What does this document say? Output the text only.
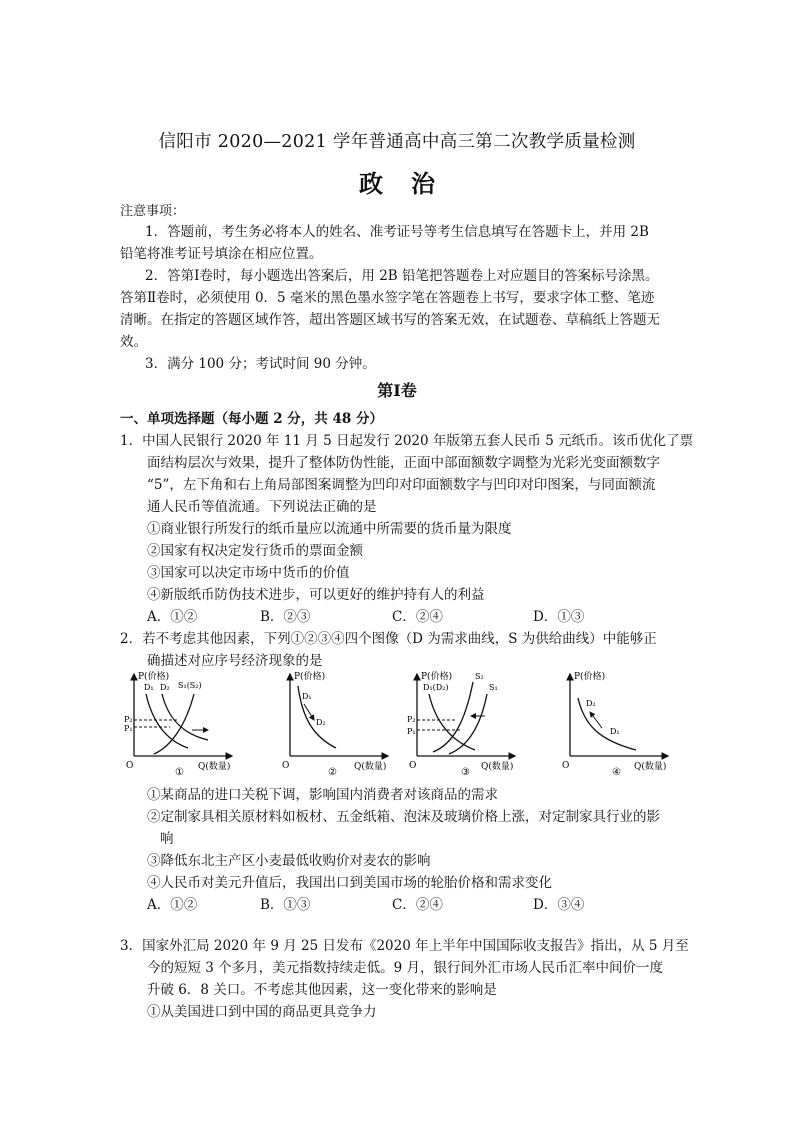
信阳市 2020—2021 学年普通高中高三第二次教学质量检测
政治
注意事项：
1．答题前，考生务必将本人的姓名、准考证号等考生信息填写在答题卡上，并用 2B
铅笔将准考证号填涂在相应位置。
2．答第Ⅰ卷时，每小题选出答案后，用 2B 铅笔把答题卷上对应题目的答案标号涂黑。
答第Ⅱ卷时，必须使用 0．5 毫米的黑色墨水签字笔在答题卷上书写，要求字体工整、笔迹
清晰。在指定的答题区域作答，超出答题区域书写的答案无效，在试题卷、草稿纸上答题无
效。
3．满分 100 分；考试时间 90 分钟。
第Ⅰ卷
一、单项选择题（每小题 2 分，共 48 分）
1．中国人民银行 2020 年 11 月 5 日起发行 2020 年版第五套人民币 5 元纸币。该币优化了票
面结构层次与效果，提升了整体防伪性能，正面中部面额数字调整为光彩光变面额数字
“5”，左下角和右上角局部图案调整为凹印对印面额数字与凹印对印图案，与同面额流
通人民币等值流通。下列说法正确的是
①商业银行所发行的纸币量应以流通中所需要的货币量为限度
②国家有权决定发行货币的票面金额
③国家可以决定市场中货币的价值
④新版纸币防伪技术进步，可以更好的维护持有人的利益
A．①②	B．②③	C．②④	D．①③
2．若不考虑其他因素，下列①②③④四个图像（D 为需求曲线，S 为供给曲线）中能够正
确描述对应序号经济现象的是
P(价格)
Q(数量)
O
D₁ D₂ S₁(S₂)
P₂
P₁
①
P(价格)
Q(数量)
O
D₁
D₂
②
P(价格)
Q(数量)
O
D₁(D₂)
S₂
S₁
P₂
P₁
③
P(价格)
Q(数量)
O
D₂
D₁
④
①某商品的进口关税下调，影响国内消费者对该商品的需求
②定制家具相关原材料如板材、五金纸箱、泡沫及玻璃价格上涨，对定制家具行业的影
响
③降低东北主产区小麦最低收购价对麦农的影响
④人民币对美元升值后，我国出口到美国市场的轮胎价格和需求变化
A．①②	B．①③	C．②④	D．③④
3．国家外汇局 2020 年 9 月 25 日发布《2020 年上半年中国国际收支报告》指出，从 5 月至
今的短短 3 个多月，美元指数持续走低。9 月，银行间外汇市场人民币汇率中间价一度
升破 6．8 关口。不考虑其他因素，这一变化带来的影响是
①从美国进口到中国的商品更具竞争力
